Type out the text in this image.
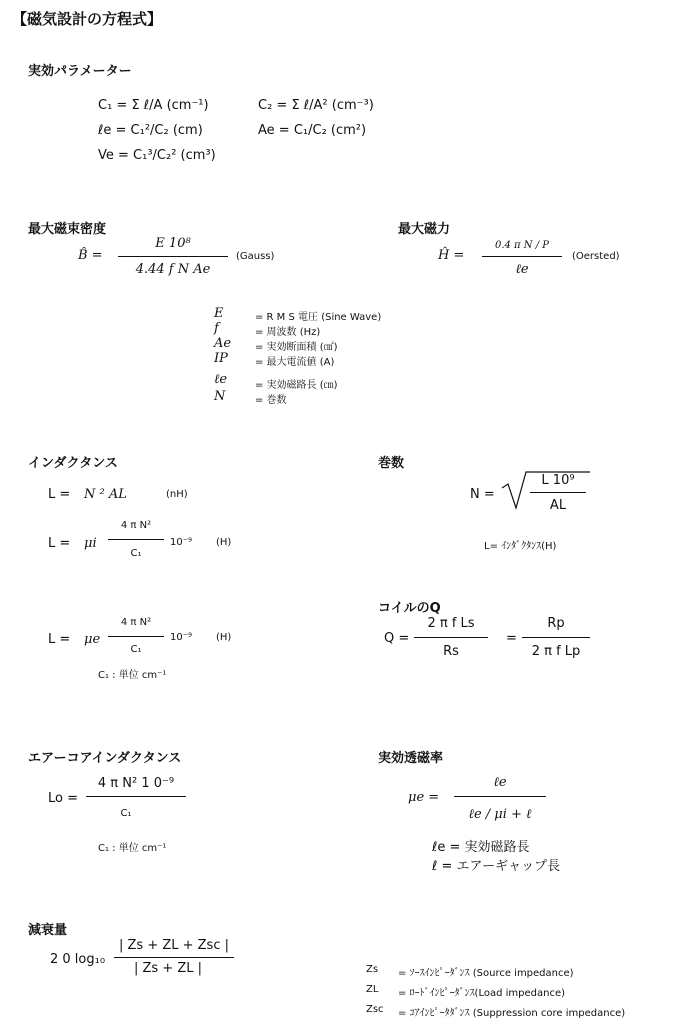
【磁気設計の方程式】
実効パラメーター
C₁ = Σ ℓ/A (cm⁻¹)	C₂ = Σ ℓ/A² (cm⁻³)
ℓe = C₁²/C₂ (cm)	Ae = C₁/C₂ (cm²)
Ve = C₁³/C₂² (cm³)
最大磁束密度
B̂ =
E 10⁸
4.44 f N Ae
(Gauss)
最大磁力
Ĥ =
0.4 π N / P
ℓe
(Oersted)
E	= R M S 電圧 (Sine Wave)
f	= 周波数 (Hz)
Ae = 実効断面積 (㎠)
IP	= 最大電流値 (A)
ℓe	= 実効磁路長 (㎝)
N	= 巻数
インダクタンス
L = N ² AL	(nH)
L = μi
4 π N²
C₁
10⁻⁹ (H)
L = μe
4 π N²
C₁
10⁻⁹ (H)
C₁ : 単位 cm⁻¹
巻数
N =
L 10⁹
AL
L= ｲﾝﾀﾞｸﾀﾝｽ(H)
コイルのQ
Q =
2 π f Ls
Rs
=
Rp
2 π f Lp
エアーコアインダクタンス
Lo =
4 π N² 1 0⁻⁹
C₁
C₁ : 単位 cm⁻¹
実効透磁率
μe =
ℓe
ℓe / μi + ℓ
ℓe = 実効磁路長
ℓ = エアーギャップ長
減衰量
2 0 log₁₀
| Zs + ZL + Zsc |
| Zs + ZL |	Zs = ｿｰｽｲﾝﾋﾟｰﾀﾞﾝｽ (Source impedance)
ZL = ﾛｰﾄﾞｲﾝﾋﾟｰﾀﾞﾝｽ(Load impedance)
Zsc = ｺｱｲﾝﾋﾟｰﾀﾀﾞﾝｽ (Suppression core impedance)
